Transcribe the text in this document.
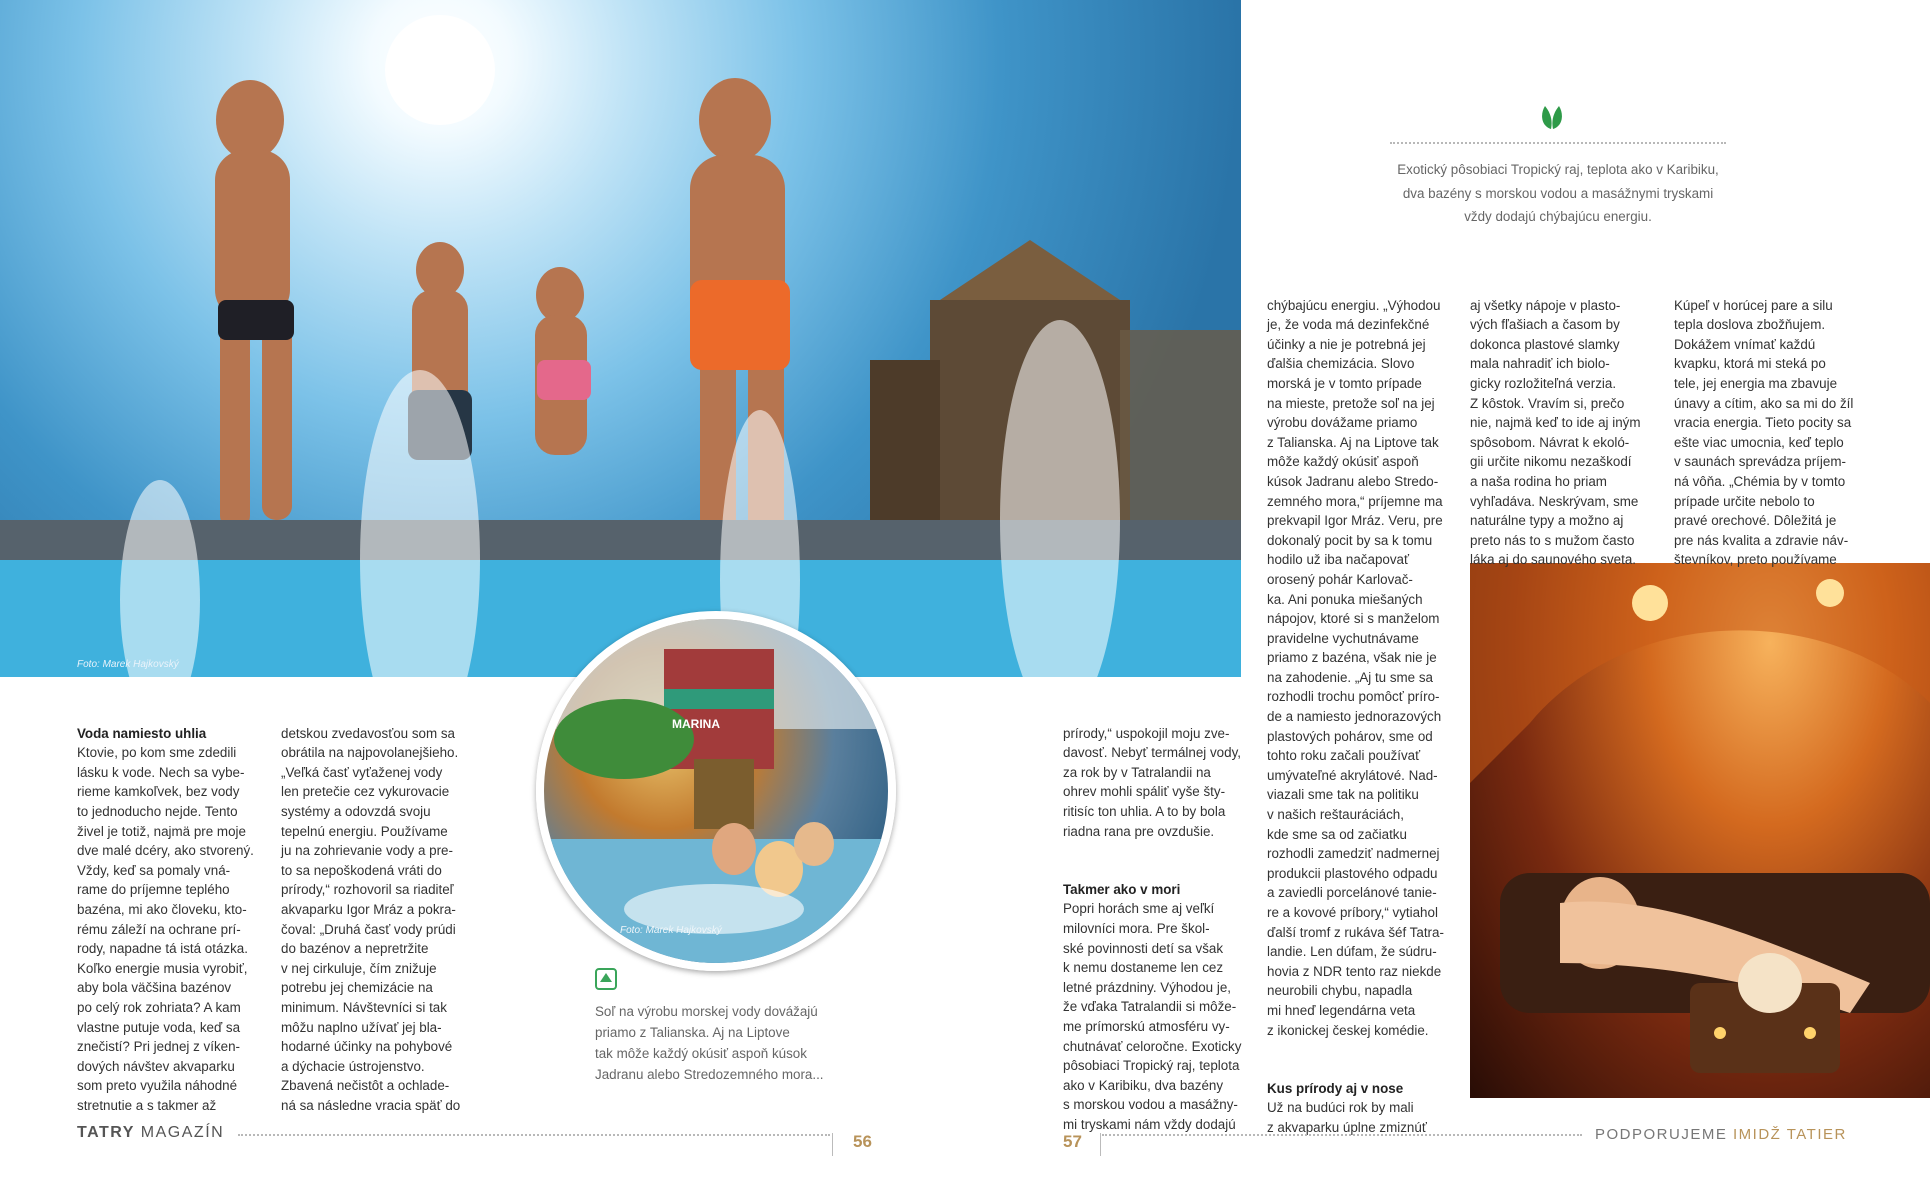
Foto: Marek Hajkovský
Exotický pôsobiaci Tropický raj, teplota ako v Karibiku,
dva bazény s morskou vodou a masážnymi tryskami
vždy dodajú chýbajúcu energiu.
MARINA
Foto: Marek Hajkovský

Voda namiesto uhlia

Ktovie, po kom sme zdedili
lásku k vode. Nech sa vybe-
rieme kamkoľvek, bez vody
to jednoducho nejde. Tento
živel je totiž, najmä pre moje
dve malé dcéry, ako stvorený.
Vždy, keď sa pomaly vná-
rame do príjemne teplého
bazéna, mi ako človeku, kto-
rému záleží na ochrane prí-
rody, napadne tá istá otázka.
Koľko energie musia vyrobiť,
aby bola väčšina bazénov
po celý rok zohriata? A kam
vlastne putuje voda, keď sa
znečistí? Pri jednej z víken-
dových návštev akvaparku
som preto využila náhodné
stretnutie a s takmer až

detskou zvedavosťou som sa
obrátila na najpovolanejšieho.
„Veľká časť vyťaženej vody
len pretečie cez vykurovacie
systémy a odovzdá svoju
tepelnú energiu. Používame
ju na zohrievanie vody a pre-
to sa nepoškodená vráti do
prírody,“ rozhovoril sa riaditeľ
akvaparku Igor Mráz a pokra-
čoval: „Druhá časť vody prúdi
do bazénov a nepretržite
v nej cirkuluje, čím znižuje
potrebu jej chemizácie na
minimum. Návštevníci si tak
môžu naplno užívať jej bla-
hodarné účinky na pohybové
a dýchacie ústrojenstvo.
Zbavená nečistôt a ochlade-
ná sa následne vracia späť do

Soľ na výrobu morskej vody dovážajú
priamo z Talianska. Aj na Liptove
tak môže každý okúsiť aspoň kúsok
Jadranu alebo Stredozemného mora...

prírody,“ uspokojil moju zve-
davosť. Nebyť termálnej vody,
za rok by v Tatralandii na
ohrev mohli spáliť vyše šty-
ritisíc ton uhlia. A to by bola
riadna rana pre ovzdušie.

Takmer ako v mori

Popri horách sme aj veľkí
milovníci mora. Pre škol-
ské povinnosti detí sa však
k nemu dostaneme len cez
letné prázdniny. Výhodou je,
že vďaka Tatralandii si môže-
me prímorskú atmosféru vy-
chutnávať celoročne. Exoticky
pôsobiaci Tropický raj, teplota
ako v Karibiku, dva bazény
s morskou vodou a masážny-
mi tryskami nám vždy dodajú

chýbajúcu energiu. „Výhodou
je, že voda má dezinfekčné
účinky a nie je potrebná jej
ďalšia chemizácia. Slovo
morská je v tomto prípade
na mieste, pretože soľ na jej
výrobu dovážame priamo
z Talianska. Aj na Liptove tak
môže každý okúsiť aspoň
kúsok Jadranu alebo Stredo-
zemného mora,“ príjemne ma
prekvapil Igor Mráz. Veru, pre
dokonalý pocit by sa k tomu
hodilo už iba načapovať
orosený pohár Karlovač-
ka. Ani ponuka miešaných
nápojov, ktoré si s manželom
pravidelne vychutnávame
priamo z bazéna, však nie je
na zahodenie. „Aj tu sme sa
rozhodli trochu pomôcť príro-
de a namiesto jednorazových
plastových pohárov, sme od
tohto roku začali používať
umývateľné akrylátové. Nad-
viazali sme tak na politiku
v našich reštauráciách,
kde sme sa od začiatku
rozhodli zamedziť nadmernej
produkcii plastového odpadu
a zaviedli porcelánové tanie-
re a kovové príbory,“ vytiahol
ďalší tromf z rukáva šéf Tatra-
landie. Len dúfam, že súdru-
hovia z NDR tento raz niekde
neurobili chybu, napadla
mi hneď legendárna veta
z ikonickej českej komédie.

Kus prírody aj v nose

Už na budúci rok by mali
z akvaparku úplne zmiznúť

aj všetky nápoje v plasto-
vých fľašiach a časom by
dokonca plastové slamky
mala nahradiť ich biolo-
gicky rozložiteľná verzia.
Z kôstok. Vravím si, prečo
nie, najmä keď to ide aj iným
spôsobom. Návrat k ekoló-
gii určite nikomu nezaškodí
a naša rodina ho priam
vyhľadáva. Neskrývam, sme
naturálne typy a možno aj
preto nás to s mužom často
láka aj do saunového sveta.

Kúpeľ v horúcej pare a silu
tepla doslova zbožňujem.
Dokážem vnímať každú
kvapku, ktorá mi steká po
tele, jej energia ma zbavuje
únavy a cítim, ako sa mi do žíl
vracia energia. Tieto pocity sa
ešte viac umocnia, keď teplo
v saunách sprevádza príjem-
ná vôňa. „Chémia by v tomto
prípade určite nebolo to
pravé orechové. Dôležitá je
pre nás kvalita a zdravie náv-
števníkov, preto používame

TATRY MAGAZÍN	56	57	PODPORUJEME IMIDŽ TATIER
